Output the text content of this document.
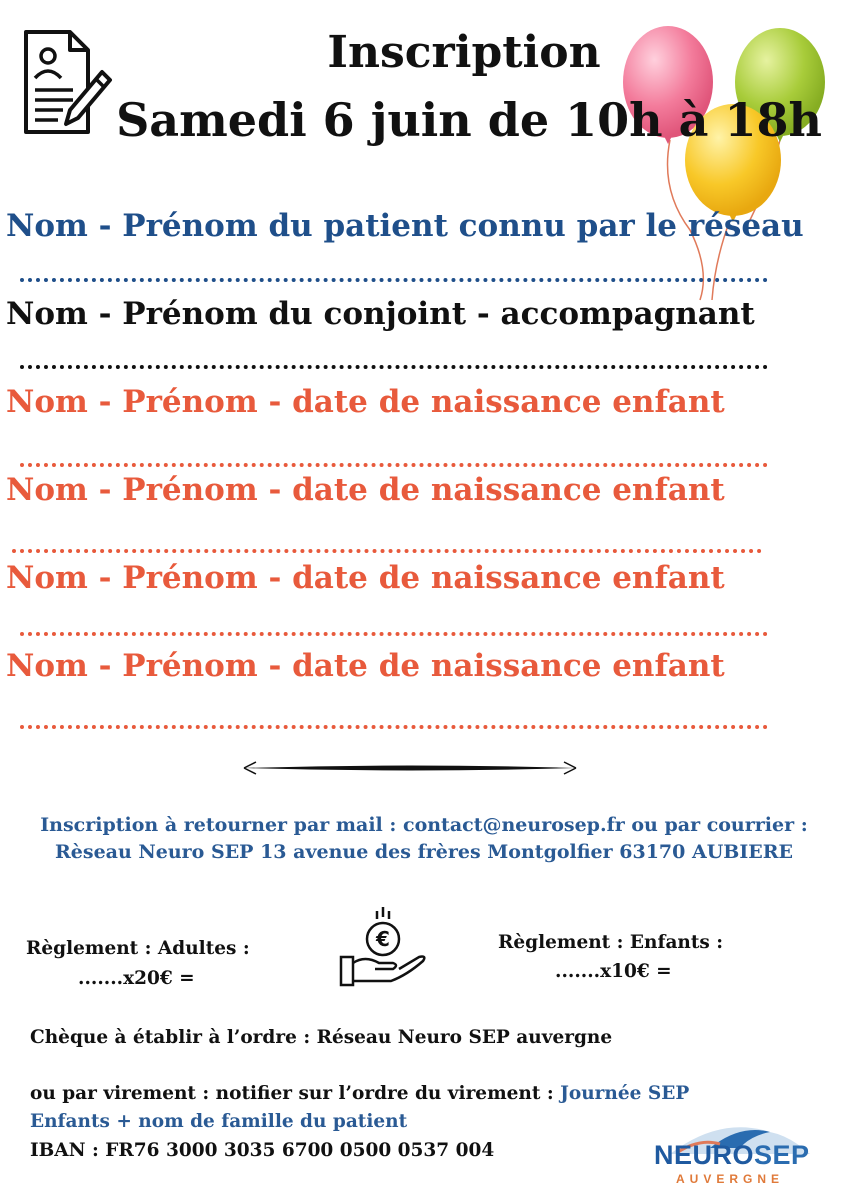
Inscription
Samedi 6 juin de 10h à 18h
Nom - Prénom du patient connu par le réseau
Nom - Prénom du conjoint - accompagnant
Nom - Prénom - date de naissance enfant
Nom - Prénom - date de naissance enfant
Nom - Prénom - date de naissance enfant
Nom - Prénom - date de naissance enfant
Inscription à retourner par mail : contact@neurosep.fr ou par courrier :
Rèseau Neuro SEP 13 avenue des frères Montgolfier 63170 AUBIERE
Règlement : Adultes :
.......x20€ =
€	Règlement : Enfants :
.......x10€ =
Chèque à établir à l’ordre : Réseau Neuro SEP auvergne
ou par virement : notifier sur l’ordre du virement : Journée SEP
Enfants + nom de famille du patient
IBAN : FR76 3000 3035 6700 0500 0537 004	NEUROSEP
AUVERGNE
